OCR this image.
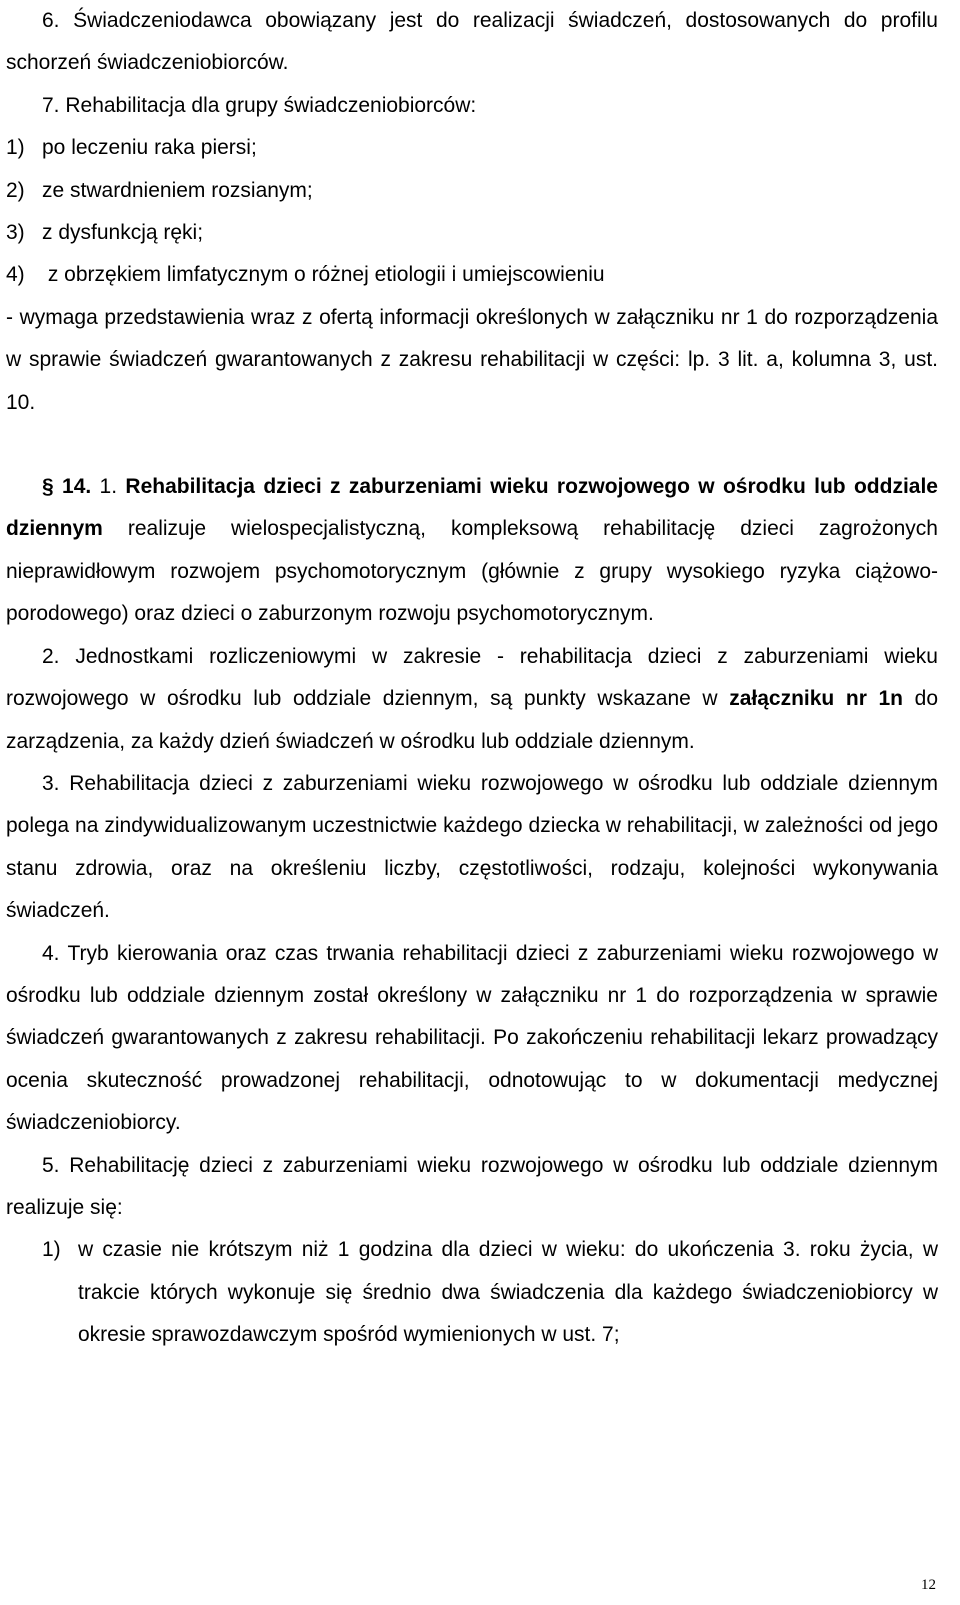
6. Świadczeniodawca obowiązany jest do realizacji świadczeń, dostosowanych do profilu schorzeń świadczeniobiorców.

7. Rehabilitacja dla grupy świadczeniobiorców:

1) po leczeniu raka piersi;

2) ze stwardnieniem rozsianym;

3) z dysfunkcją ręki;

4) z obrzękiem limfatycznym o różnej etiologii i umiejscowieniu

- wymaga przedstawienia wraz z ofertą informacji określonych w załączniku nr 1 do rozporządzenia w sprawie świadczeń gwarantowanych z zakresu rehabilitacji w części: lp. 3 lit. a, kolumna 3, ust. 10.

§ 14. 1. Rehabilitacja dzieci z zaburzeniami wieku rozwojowego w ośrodku lub oddziale dziennym realizuje wielospecjalistyczną, kompleksową rehabilitację dzieci zagrożonych nieprawidłowym rozwojem psychomotorycznym (głównie z grupy wysokiego ryzyka ciążowo-porodowego) oraz dzieci o zaburzonym rozwoju psychomotorycznym.

2. Jednostkami rozliczeniowymi w zakresie - rehabilitacja dzieci z zaburzeniami wieku rozwojowego w ośrodku lub oddziale dziennym, są punkty wskazane w załączniku nr 1n do zarządzenia, za każdy dzień świadczeń w ośrodku lub oddziale dziennym.

3. Rehabilitacja dzieci z zaburzeniami wieku rozwojowego w ośrodku lub oddziale dziennym polega na zindywidualizowanym uczestnictwie każdego dziecka w rehabilitacji, w zależności od jego stanu zdrowia, oraz na określeniu liczby, częstotliwości, rodzaju, kolejności wykonywania świadczeń.

4. Tryb kierowania oraz czas trwania rehabilitacji dzieci z zaburzeniami wieku rozwojowego w ośrodku lub oddziale dziennym został określony w załączniku nr 1 do rozporządzenia w sprawie świadczeń gwarantowanych z zakresu rehabilitacji. Po zakończeniu rehabilitacji lekarz prowadzący ocenia skuteczność prowadzonej rehabilitacji, odnotowując to w dokumentacji medycznej świadczeniobiorcy.

5. Rehabilitację dzieci z zaburzeniami wieku rozwojowego w ośrodku lub oddziale dziennym realizuje się:

1) w czasie nie krótszym niż 1 godzina dla dzieci w wieku: do ukończenia 3. roku życia, w trakcie których wykonuje się średnio dwa świadczenia dla każdego świadczeniobiorcy w okresie sprawozdawczym spośród wymienionych w ust. 7;

12
